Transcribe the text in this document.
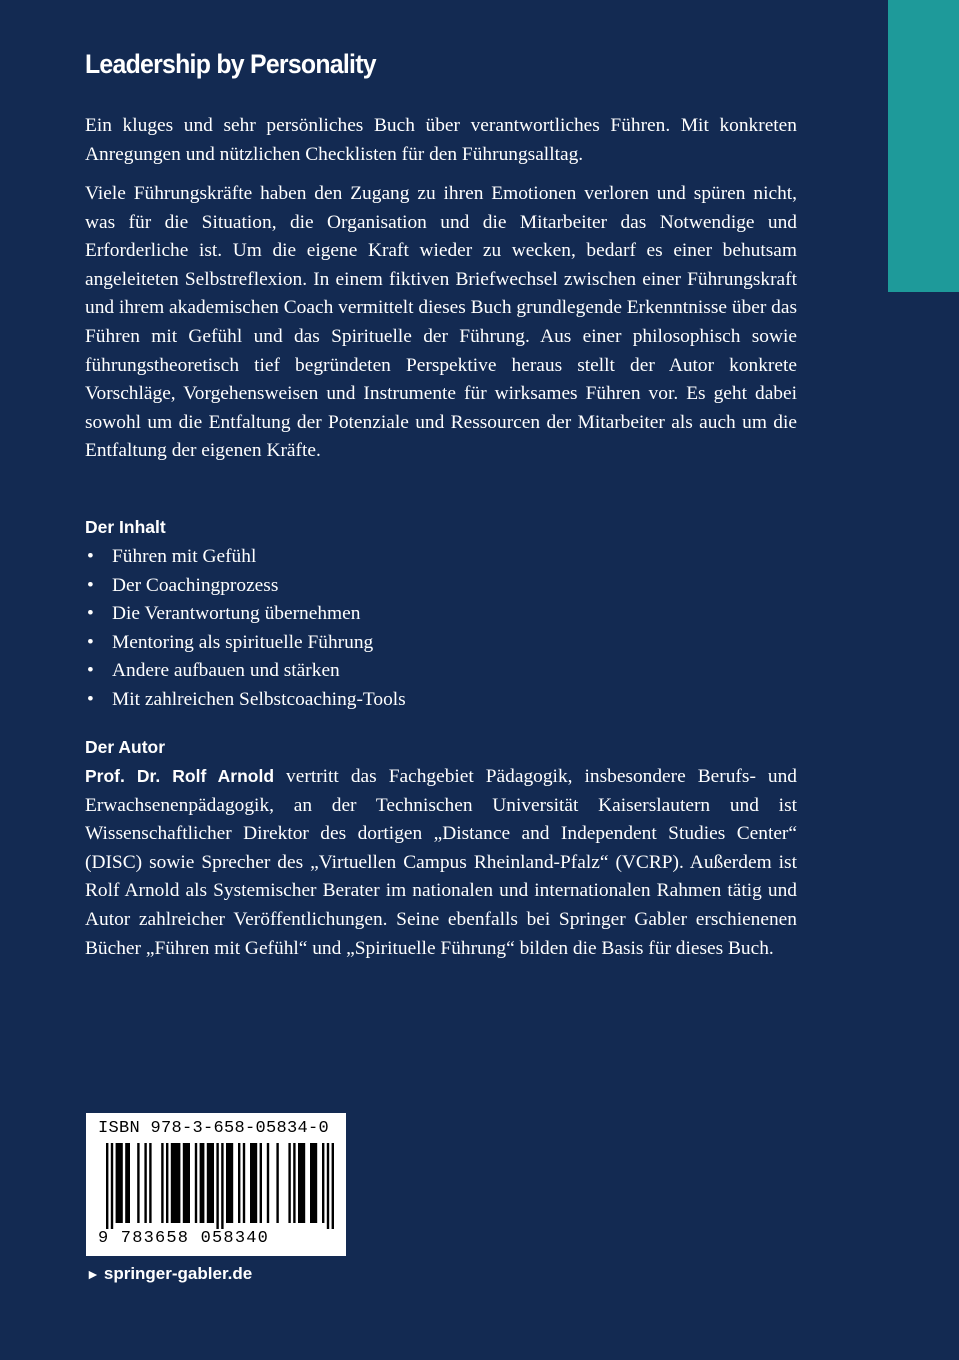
Leadership by Personality

Ein kluges und sehr persönliches Buch über verantwortliches Führen. Mit konkreten Anregungen und nützlichen Checklisten für den Führungsalltag.

Viele Führungskräfte haben den Zugang zu ihren Emotionen verloren und spüren nicht, was für die Situation, die Organisation und die Mitarbeiter das Notwendige und Erforderliche ist. Um die eigene Kraft wieder zu wecken, bedarf es einer behutsam angeleiteten Selbstreflexion. In einem fiktiven Briefwechsel zwischen einer Führungskraft und ihrem akademischen Coach vermittelt dieses Buch grundlegende Erkenntnisse über das Führen mit Gefühl und das Spirituelle der Führung. Aus einer philosophisch sowie führungstheoretisch tief begründeten Perspektive heraus stellt der Autor konkrete Vorschläge, Vorgehensweisen und Instrumente für wirksames Führen vor. Es geht dabei sowohl um die Entfaltung der Potenziale und Ressourcen der Mitarbeiter als auch um die Entfaltung der eigenen Kräfte.

Der Inhalt
• Führen mit Gefühl
• Der Coachingprozess
• Die Verantwortung übernehmen
• Mentoring als spirituelle Führung
• Andere aufbauen und stärken
• Mit zahlreichen Selbstcoaching-Tools
Der Autor

Prof. Dr. Rolf Arnold vertritt das Fachgebiet Pädagogik, insbesondere Berufs- und Erwachsenenpädagogik, an der Technischen Universität Kaiserslautern und ist Wissenschaftlicher Direktor des dortigen „Distance and Independent Studies Center“ (DISC) sowie Sprecher des „Virtuellen Campus Rheinland-Pfalz“ (VCRP). Außerdem ist Rolf Arnold als Systemischer Berater im nationalen und internationalen Rahmen tätig und Autor zahlreicher Veröffentlichungen. Seine ebenfalls bei Springer Gabler erschienenen Bücher „Führen mit Gefühl“ und „Spirituelle Führung“ bilden die Basis für dieses Buch.

ISBN 978-3-658-05834-0
9 783658 058340
► springer-gabler.de
